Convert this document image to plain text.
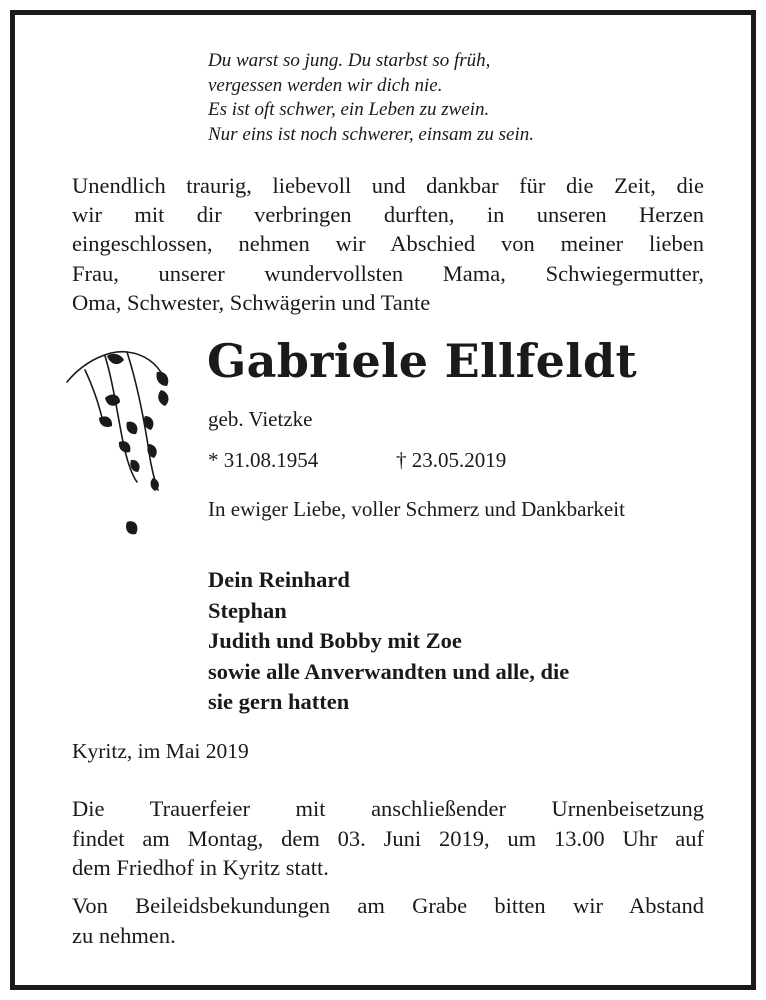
Du warst so jung. Du starbst so früh,
vergessen werden wir dich nie.
Es ist oft schwer, ein Leben zu zwein.
Nur eins ist noch schwerer, einsam zu sein.
Unendlich traurig, liebevoll und dankbar für die Zeit, die
wir mit dir verbringen durften, in unseren Herzen
eingeschlossen, nehmen wir Abschied von meiner lieben
Frau, unserer wundervollsten Mama, Schwiegermutter,
Oma, Schwester, Schwägerin und Tante
Gabriele Ellfeldt
geb. Vietzke
* 31.08.1954	† 23.05.2019
In ewiger Liebe, voller Schmerz und Dankbarkeit
Dein Reinhard
Stephan
Judith und Bobby mit Zoe
sowie alle Anverwandten und alle, die
sie gern hatten
Kyritz, im Mai 2019
Die Trauerfeier mit anschließender Urnenbeisetzung
findet am Montag, dem 03. Juni 2019, um 13.00 Uhr auf
dem Friedhof in Kyritz statt.
Von Beileidsbekundungen am Grabe bitten wir Abstand
zu nehmen.
